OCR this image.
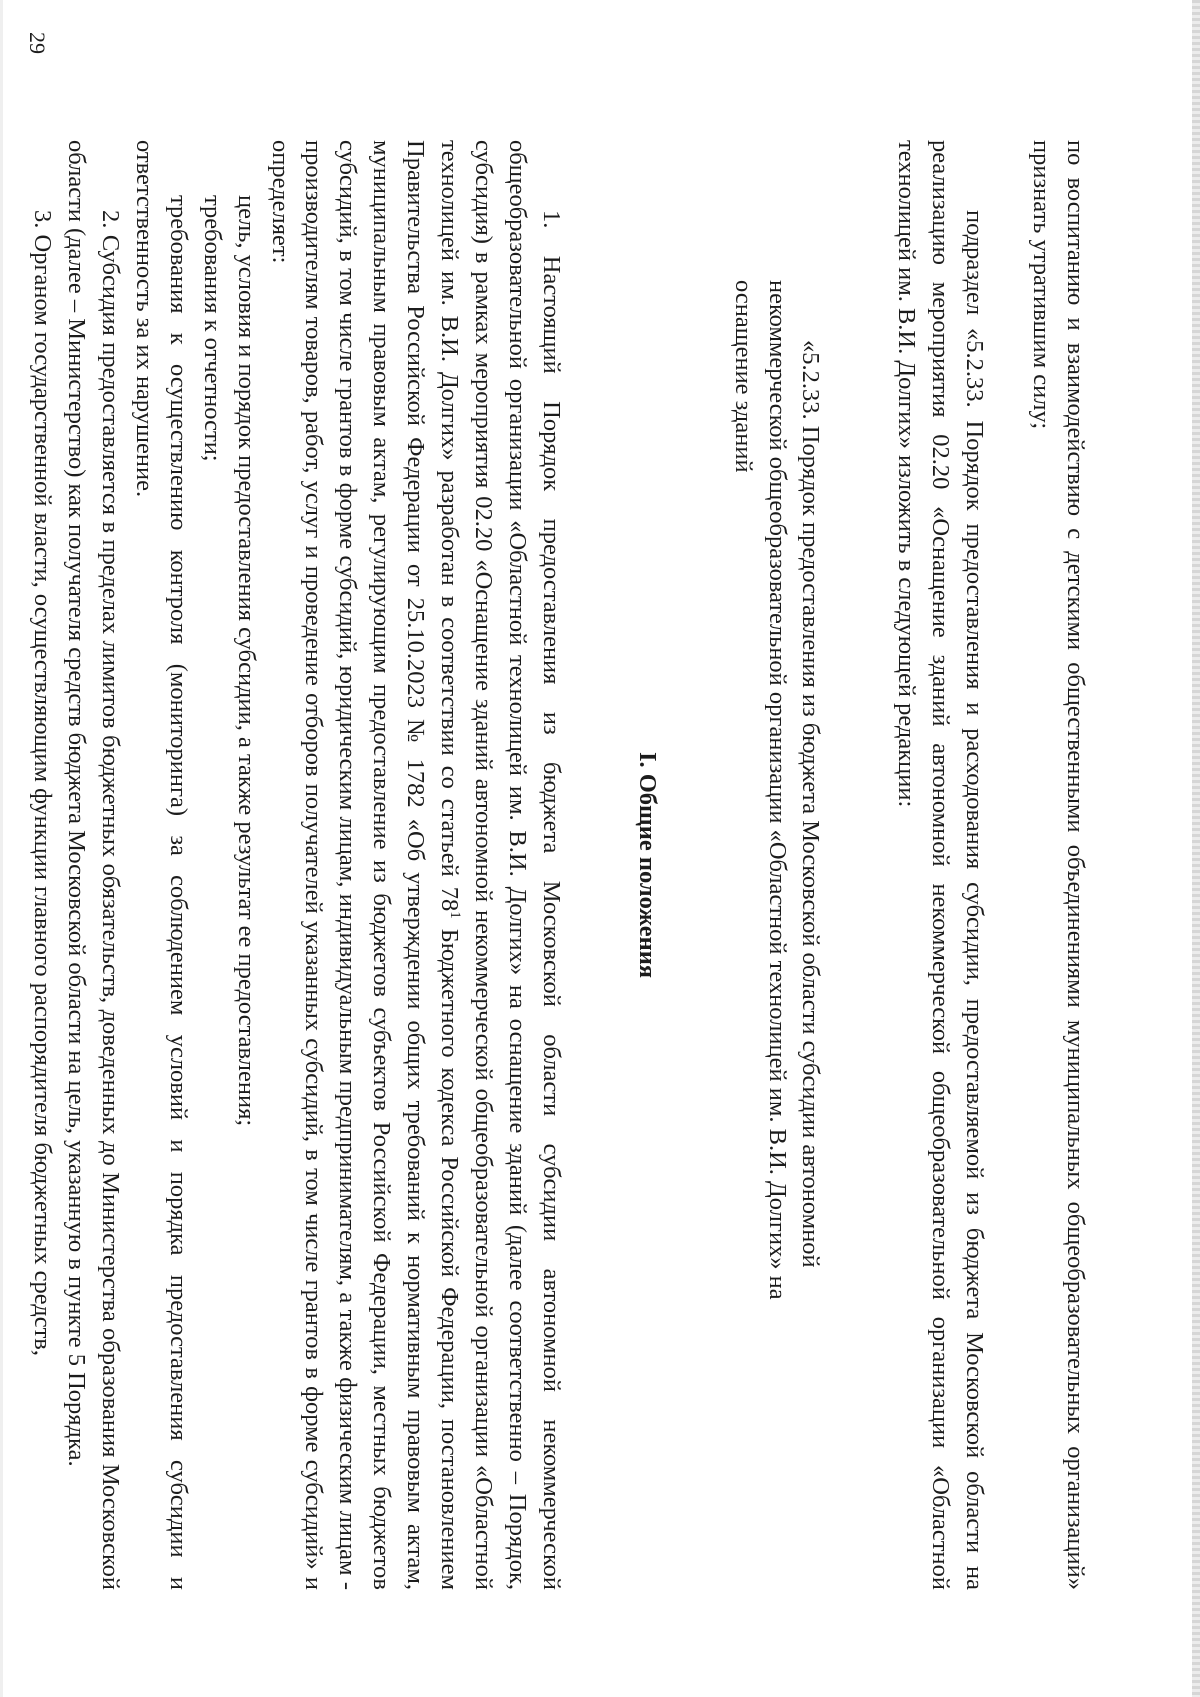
29

по воспитанию и взаимодействию с детскими общественными объединениями муниципальных общеобразовательных организаций» признать утратившим силу;

подраздел «5.2.33. Порядок предоставления и расходования субсидии, предоставляемой из бюджета Московской области на реализацию мероприятия 02.20 «Оснащение зданий автономной некоммерческой общеобразовательной организации «Областной технолицей им. В.И. Долгих» изложить в следующей редакции:

«5.2.33. Порядок предоставления из бюджета Московской области субсидии автономной некоммерческой общеобразовательной организации «Областной технолицей им. В.И. Долгих» на оснащение зданий

I. Общие положения

1. Настоящий Порядок предоставления из бюджета Московской области субсидии автономной некоммерческой общеобразовательной организации «Областной технолицей им. В.И. Долгих» на оснащение зданий (далее соответственно – Порядок, субсидия) в рамках мероприятия 02.20 «Оснащение зданий автономной некоммерческой общеобразовательной организации «Областной технолицей им. В.И. Долгих» разработан в соответствии со статьей $78^1$ Бюджетного кодекса Российской Федерации, постановлением Правительства Российской Федерации от 25.10.2023 № 1782 «Об утверждении общих требований к нормативным правовым актам, муниципальным правовым актам, регулирующим предоставление из бюджетов субъектов Российской Федерации, местных бюджетов субсидий, в том числе грантов в форме субсидий, юридическим лицам, индивидуальным предпринимателям, а также физическим лицам - производителям товаров, работ, услуг и проведение отборов получателей указанных субсидий, в том числе грантов в форме субсидий» и определяет:

цель, условия и порядок предоставления субсидии, а также результат ее предоставления;

требования к отчетности;

требования к осуществлению контроля (мониторинга) за соблюдением условий и порядка предоставления субсидии и ответственность за их нарушение.

2. Субсидия предоставляется в пределах лимитов бюджетных обязательств, доведенных до Министерства образования Московской области (далее – Министерство) как получателя средств бюджета Московской области на цель, указанную в пункте 5 Порядка.

3. Органом государственной власти, осуществляющим функции главного распорядителя бюджетных средств,
